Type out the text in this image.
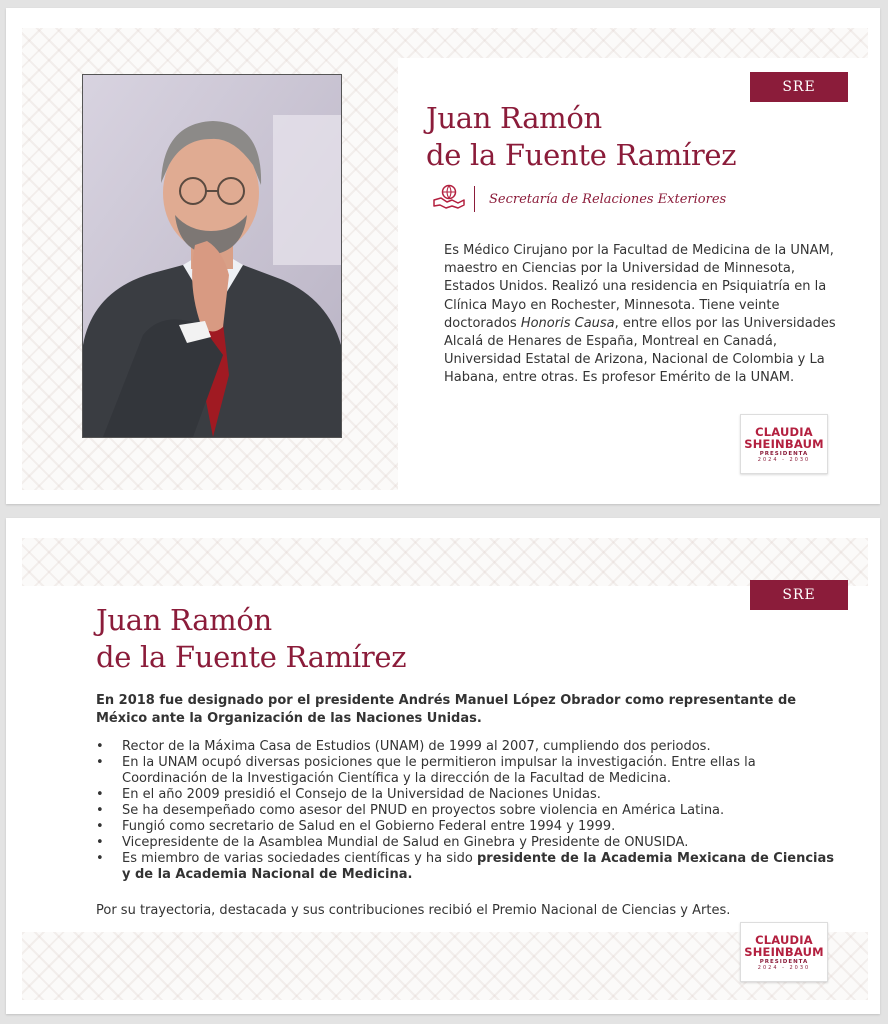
SRE
Juan Ramón
de la Fuente Ramírez
Secretaría de Relaciones Exteriores

Es Médico Cirujano por la Facultad de Medicina de la UNAM, maestro en Ciencias por la Universidad de Minnesota, Estados Unidos. Realizó una residencia en Psiquiatría en la Clínica Mayo en Rochester, Minnesota. Tiene veinte doctorados Honoris Causa, entre ellos por las Universidades Alcalá de Henares de España, Montreal en Canadá, Universidad Estatal de Arizona, Nacional de Colombia y La Habana, entre otras. Es profesor Emérito de la UNAM.

CLAUDIA
SHEINBAUM
PRESIDENTA
2024 - 2030
SRE
Juan Ramón
de la Fuente Ramírez

En 2018 fue designado por el presidente Andrés Manuel López Obrador como representante de México ante la Organización de las Naciones Unidas.

• Rector de la Máxima Casa de Estudios (UNAM) de 1999 al 2007, cumpliendo dos periodos.
• En la UNAM ocupó diversas posiciones que le permitieron impulsar la investigación. Entre ellas la Coordinación de la Investigación Científica y la dirección de la Facultad de Medicina.
• En el año 2009 presidió el Consejo de la Universidad de Naciones Unidas.
• Se ha desempeñado como asesor del PNUD en proyectos sobre violencia en América Latina.
• Fungió como secretario de Salud en el Gobierno Federal entre 1994 y 1999.
• Vicepresidente de la Asamblea Mundial de Salud en Ginebra y Presidente de ONUSIDA.
• Es miembro de varias sociedades científicas y ha sido presidente de la Academia Mexicana de Ciencias y de la Academia Nacional de Medicina.

Por su trayectoria, destacada y sus contribuciones recibió el Premio Nacional de Ciencias y Artes.

CLAUDIA
SHEINBAUM
PRESIDENTA
2024 - 2030
